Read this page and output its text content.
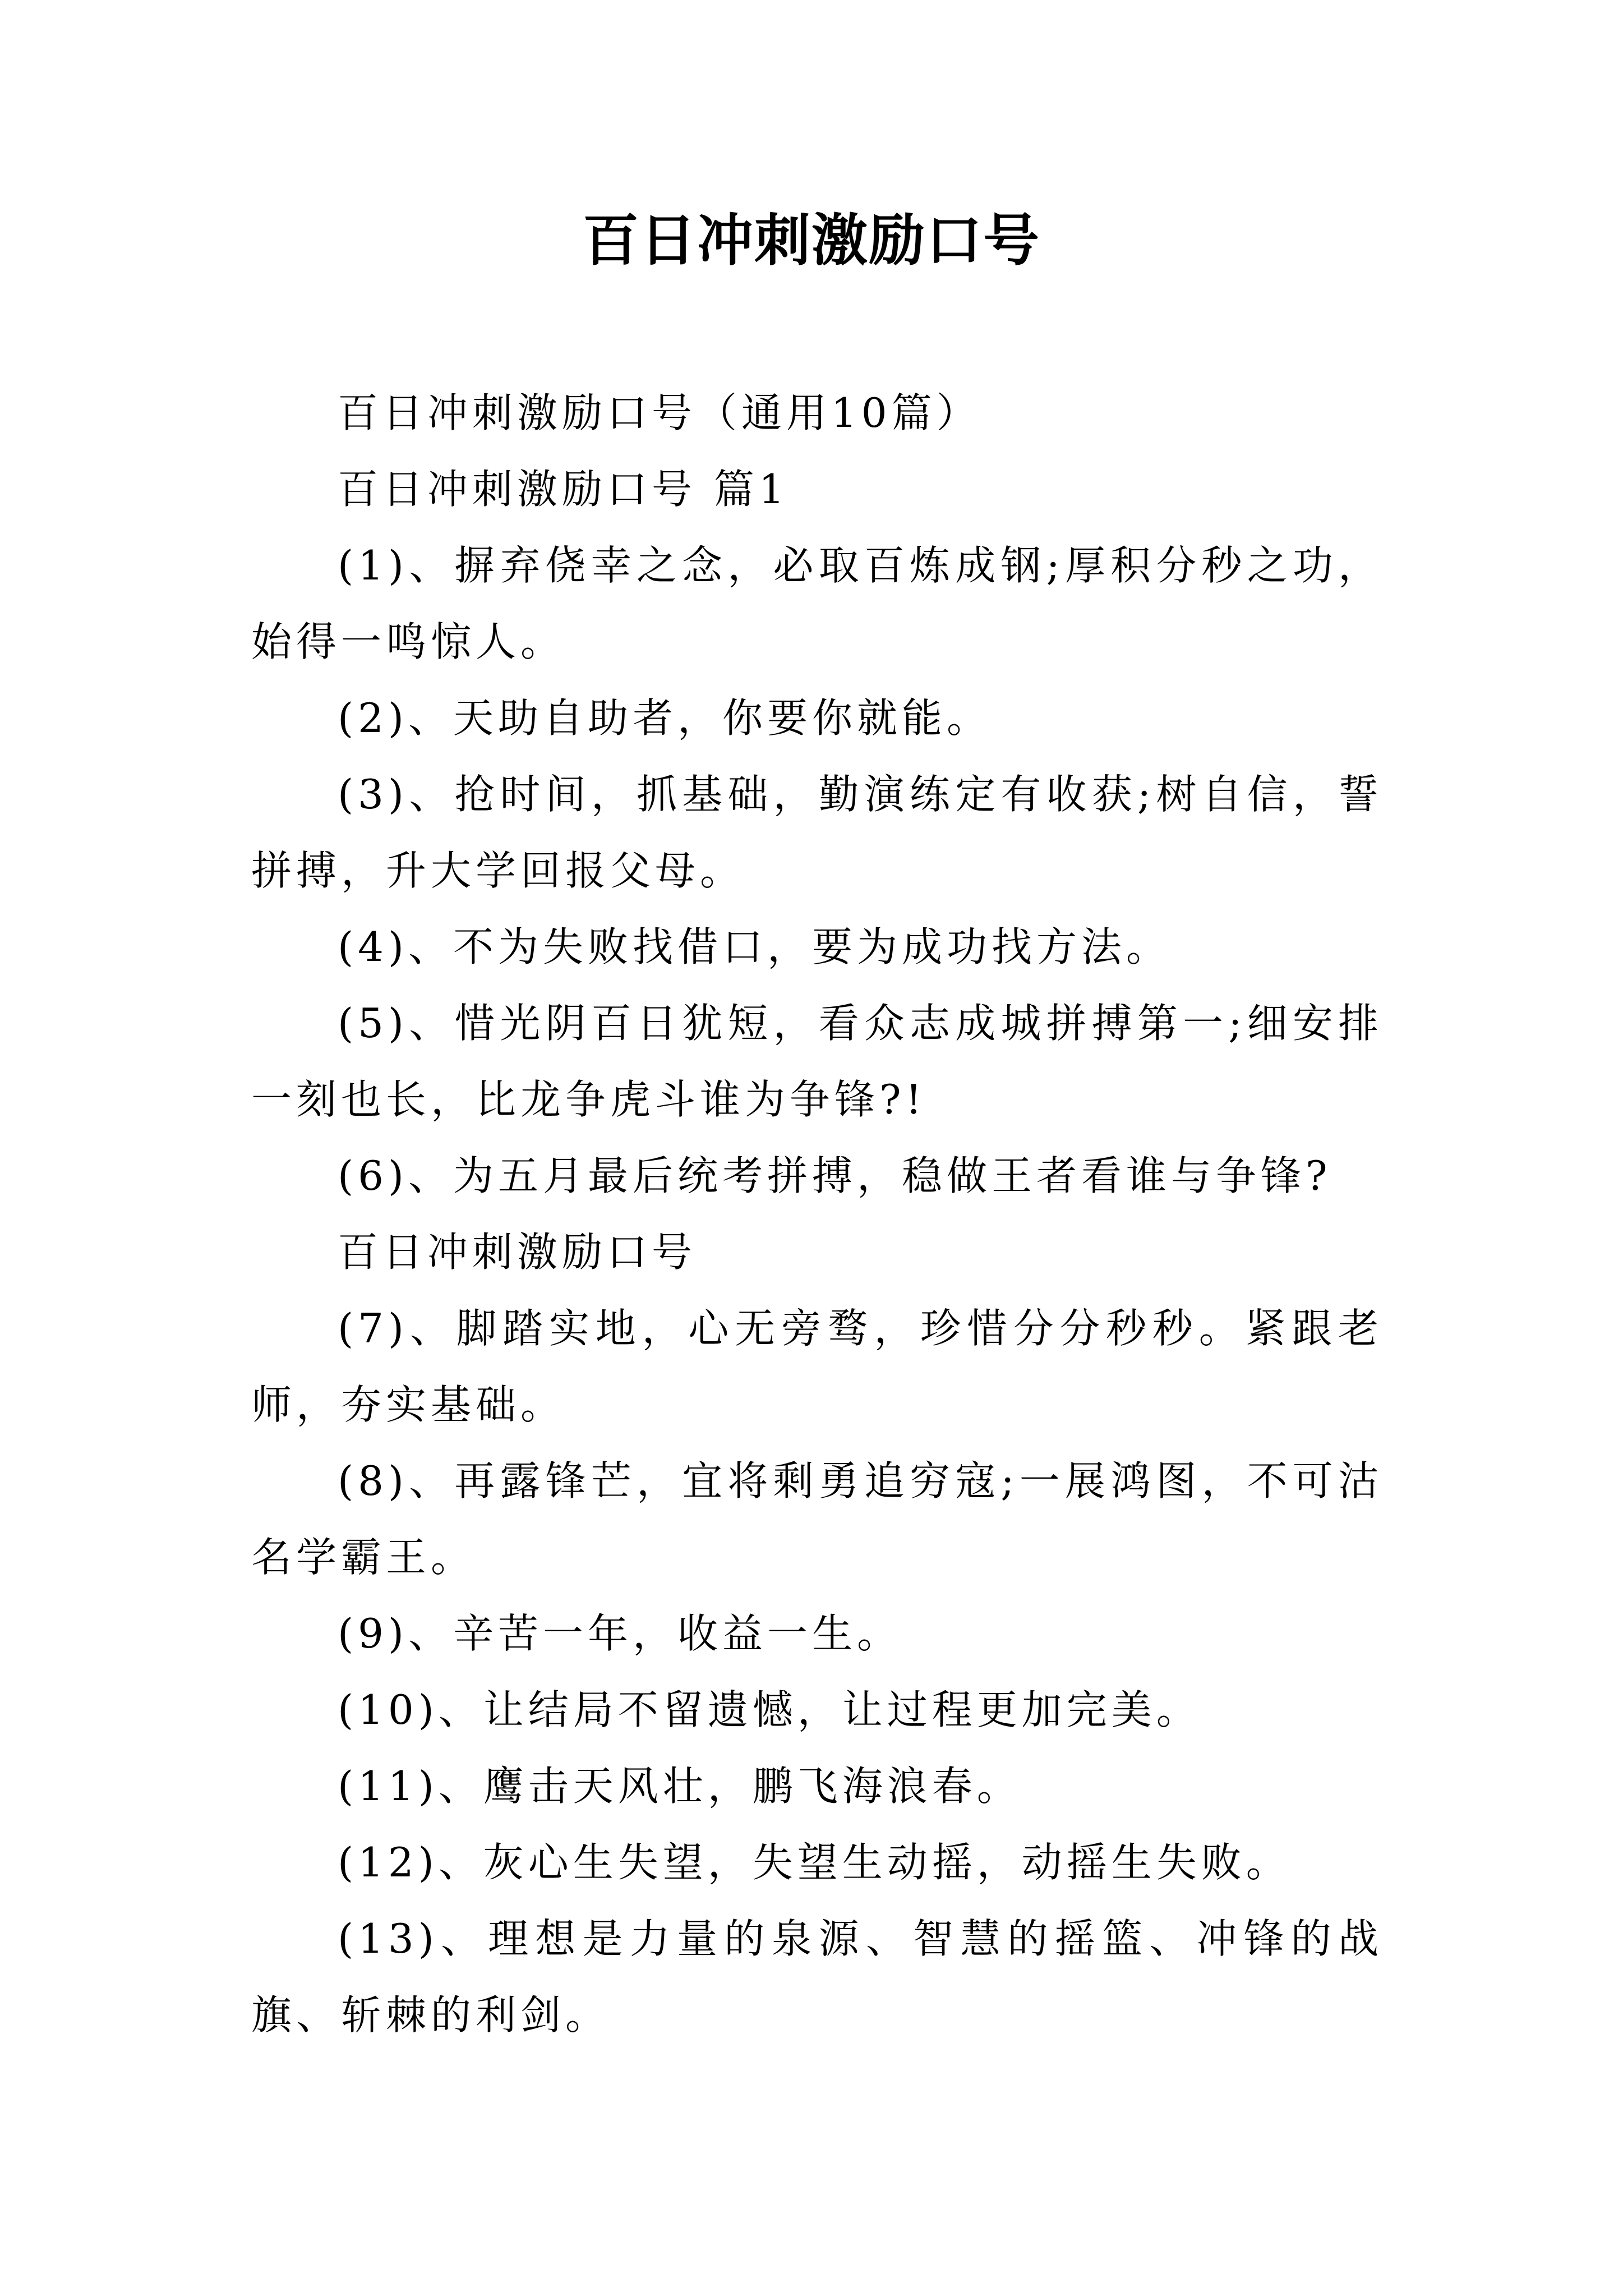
百日冲刺激励口号

百日冲刺激励口号（通用10篇）

百日冲刺激励口号 篇1

(1)、摒弃侥幸之念，必取百炼成钢;厚积分秒之功，始得一鸣惊人。

(2)、天助自助者，你要你就能。

(3)、抢时间，抓基础，勤演练定有收获;树自信，誓拼搏，升大学回报父母。

(4)、不为失败找借口，要为成功找方法。

(5)、惜光阴百日犹短，看众志成城拼搏第一;细安排一刻也长，比龙争虎斗谁为争锋?!

(6)、为五月最后统考拼搏，稳做王者看谁与争锋?

百日冲刺激励口号

(7)、脚踏实地，心无旁骛，珍惜分分秒秒。紧跟老师，夯实基础。

(8)、再露锋芒，宜将剩勇追穷寇;一展鸿图，不可沽名学霸王。

(9)、辛苦一年，收益一生。

(10)、让结局不留遗憾，让过程更加完美。

(11)、鹰击天风壮，鹏飞海浪春。

(12)、灰心生失望，失望生动摇，动摇生失败。

(13)、理想是力量的泉源、智慧的摇篮、冲锋的战旗、斩棘的利剑。
